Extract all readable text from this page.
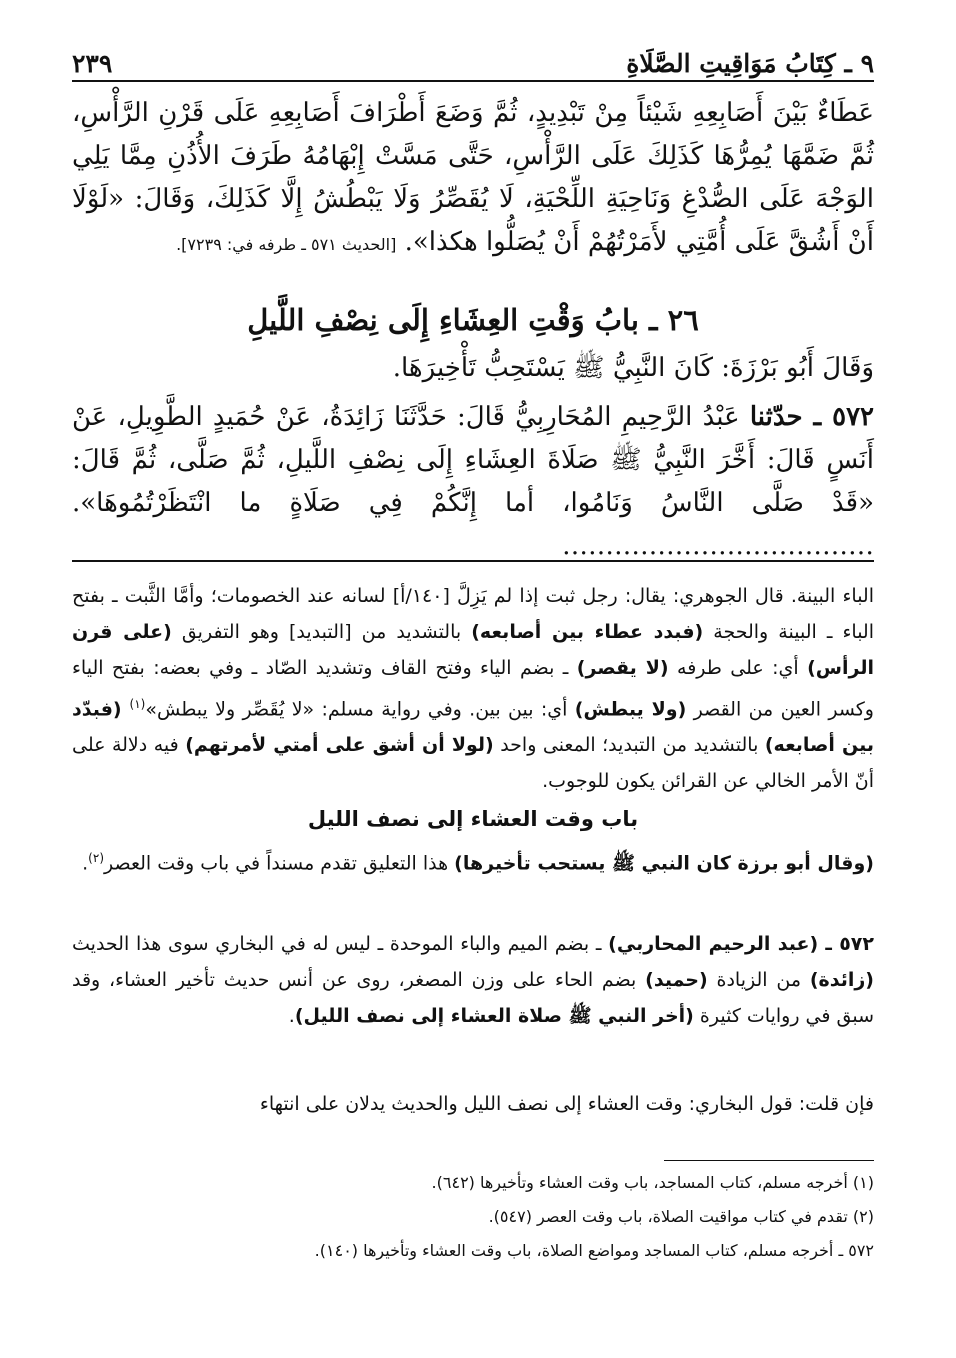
٩ ـ كِتَابُ مَوَاقِيتِ الصَّلَاةِ
٢٣٩
عَطَاءٌ بَيْنَ أَصَابِعِهِ شَيْئاً مِنْ تَبْدِيدٍ، ثُمَّ وَضَعَ أَطْرَافَ أَصَابِعِهِ عَلَى قَرْنِ الرَّأْسِ، ثُمَّ ضَمَّهَا يُمِرُّهَا كَذَلِكَ عَلَى الرَّأْسِ، حَتَّى مَسَّتْ إِبْهَامُهُ طَرَفَ الأُذُنِ مِمَّا يَلِي الوَجْهَ عَلَى الصُّدْغِ وَنَاحِيَةِ اللِّحْيَةِ، لَا يُقَصِّرُ وَلَا يَبْطُشُ إِلَّا كَذَلِكَ، وَقَالَ: «لَوْلَا أَنْ أَشُقَّ عَلَى أُمَّتِي لأَمَرْتُهُمْ أَنْ يُصَلُّوا هكذا». [الحديث ٥٧١ ـ طرفه في: ٧٢٣٩].
٢٦ ـ بابُ وَقْتِ العِشَاءِ إِلَى نِصْفِ اللَّيلِ
وَقَالَ أَبُو بَرْزَةَ: كَانَ النَّبِيُّ ﷺ يَسْتَحِبُّ تَأْخِيرَهَا.
٥٧٢ ـ حدّثنا عَبْدُ الرَّحِيمِ المُحَارِبِيُّ قَالَ: حَدَّثَنَا زَائِدَةُ، عَنْ حُمَيدٍ الطَّوِيلِ، عَنْ أَنَسٍ قَالَ: أَخَّرَ النَّبِيُّ ﷺ صَلَاةَ العِشَاءِ إِلَى نِصْفِ اللَّيلِ، ثُمَّ صَلَّى، ثُمَّ قَالَ: «قَدْ صَلَّى النَّاسُ وَنَامُوا، أما إِنَّكُمْ فِي صَلَاةٍ ما انْتَظَرْتُمُوهَا». ………………………………
الباء البينة. قال الجوهري: يقال: رجل ثبت إذا لم يَزِلَّ [١٤٠/أ] لسانه عند الخصومات؛ وأمَّا الثَّبت ـ بفتح الباء ـ البينة والحجة (فبدد عطاء بين أصابعه) بالتشديد من [التبديد] وهو التفريق (على قرن الرأس) أي: على طرفه (لا يقصر) ـ بضم الياء وفتح القاف وتشديد الصّاد ـ وفي بعضه: بفتح الياء وكسر العين من القصر (ولا يبطش) أي: بين بين. وفي رواية مسلم: «لا يُقَصِّر ولا يبطش»$^{(١)}$ (فبدّد بين أصابعه) بالتشديد من التبديد؛ المعنى واحد (لولا أن أشق على أمتي لأمرتهم) فيه دلالة على أنّ الأمر الخالي عن القرائن يكون للوجوب.
باب وقت العشاء إلى نصف الليل
(وقال أبو برزة كان النبي ﷺ يستحب تأخيرها) هذا التعليق تقدم مسنداً في باب وقت العصر$^{(٢)}$.
٥٧٢ ـ (عبد الرحيم المحاربي) ـ بضم الميم والباء الموحدة ـ ليس له في البخاري سوى هذا الحديث (زائدة) من الزيادة (حميد) بضم الحاء على وزن المصغر، روى عن أنس حديث تأخير العشاء، وقد سبق في روايات كثيرة (أخر النبي ﷺ صلاة العشاء إلى نصف الليل).
فإن قلت: قول البخاري: وقت العشاء إلى نصف الليل والحديث يدلان على انتهاء
(١) أخرجه مسلم، كتاب المساجد، باب وقت العشاء وتأخيرها (٦٤٢).
(٢) تقدم في كتاب مواقيت الصلاة، باب وقت العصر (٥٤٧).
٥٧٢ ـ أخرجه مسلم، كتاب المساجد ومواضع الصلاة، باب وقت العشاء وتأخيرها (١٤٠).
